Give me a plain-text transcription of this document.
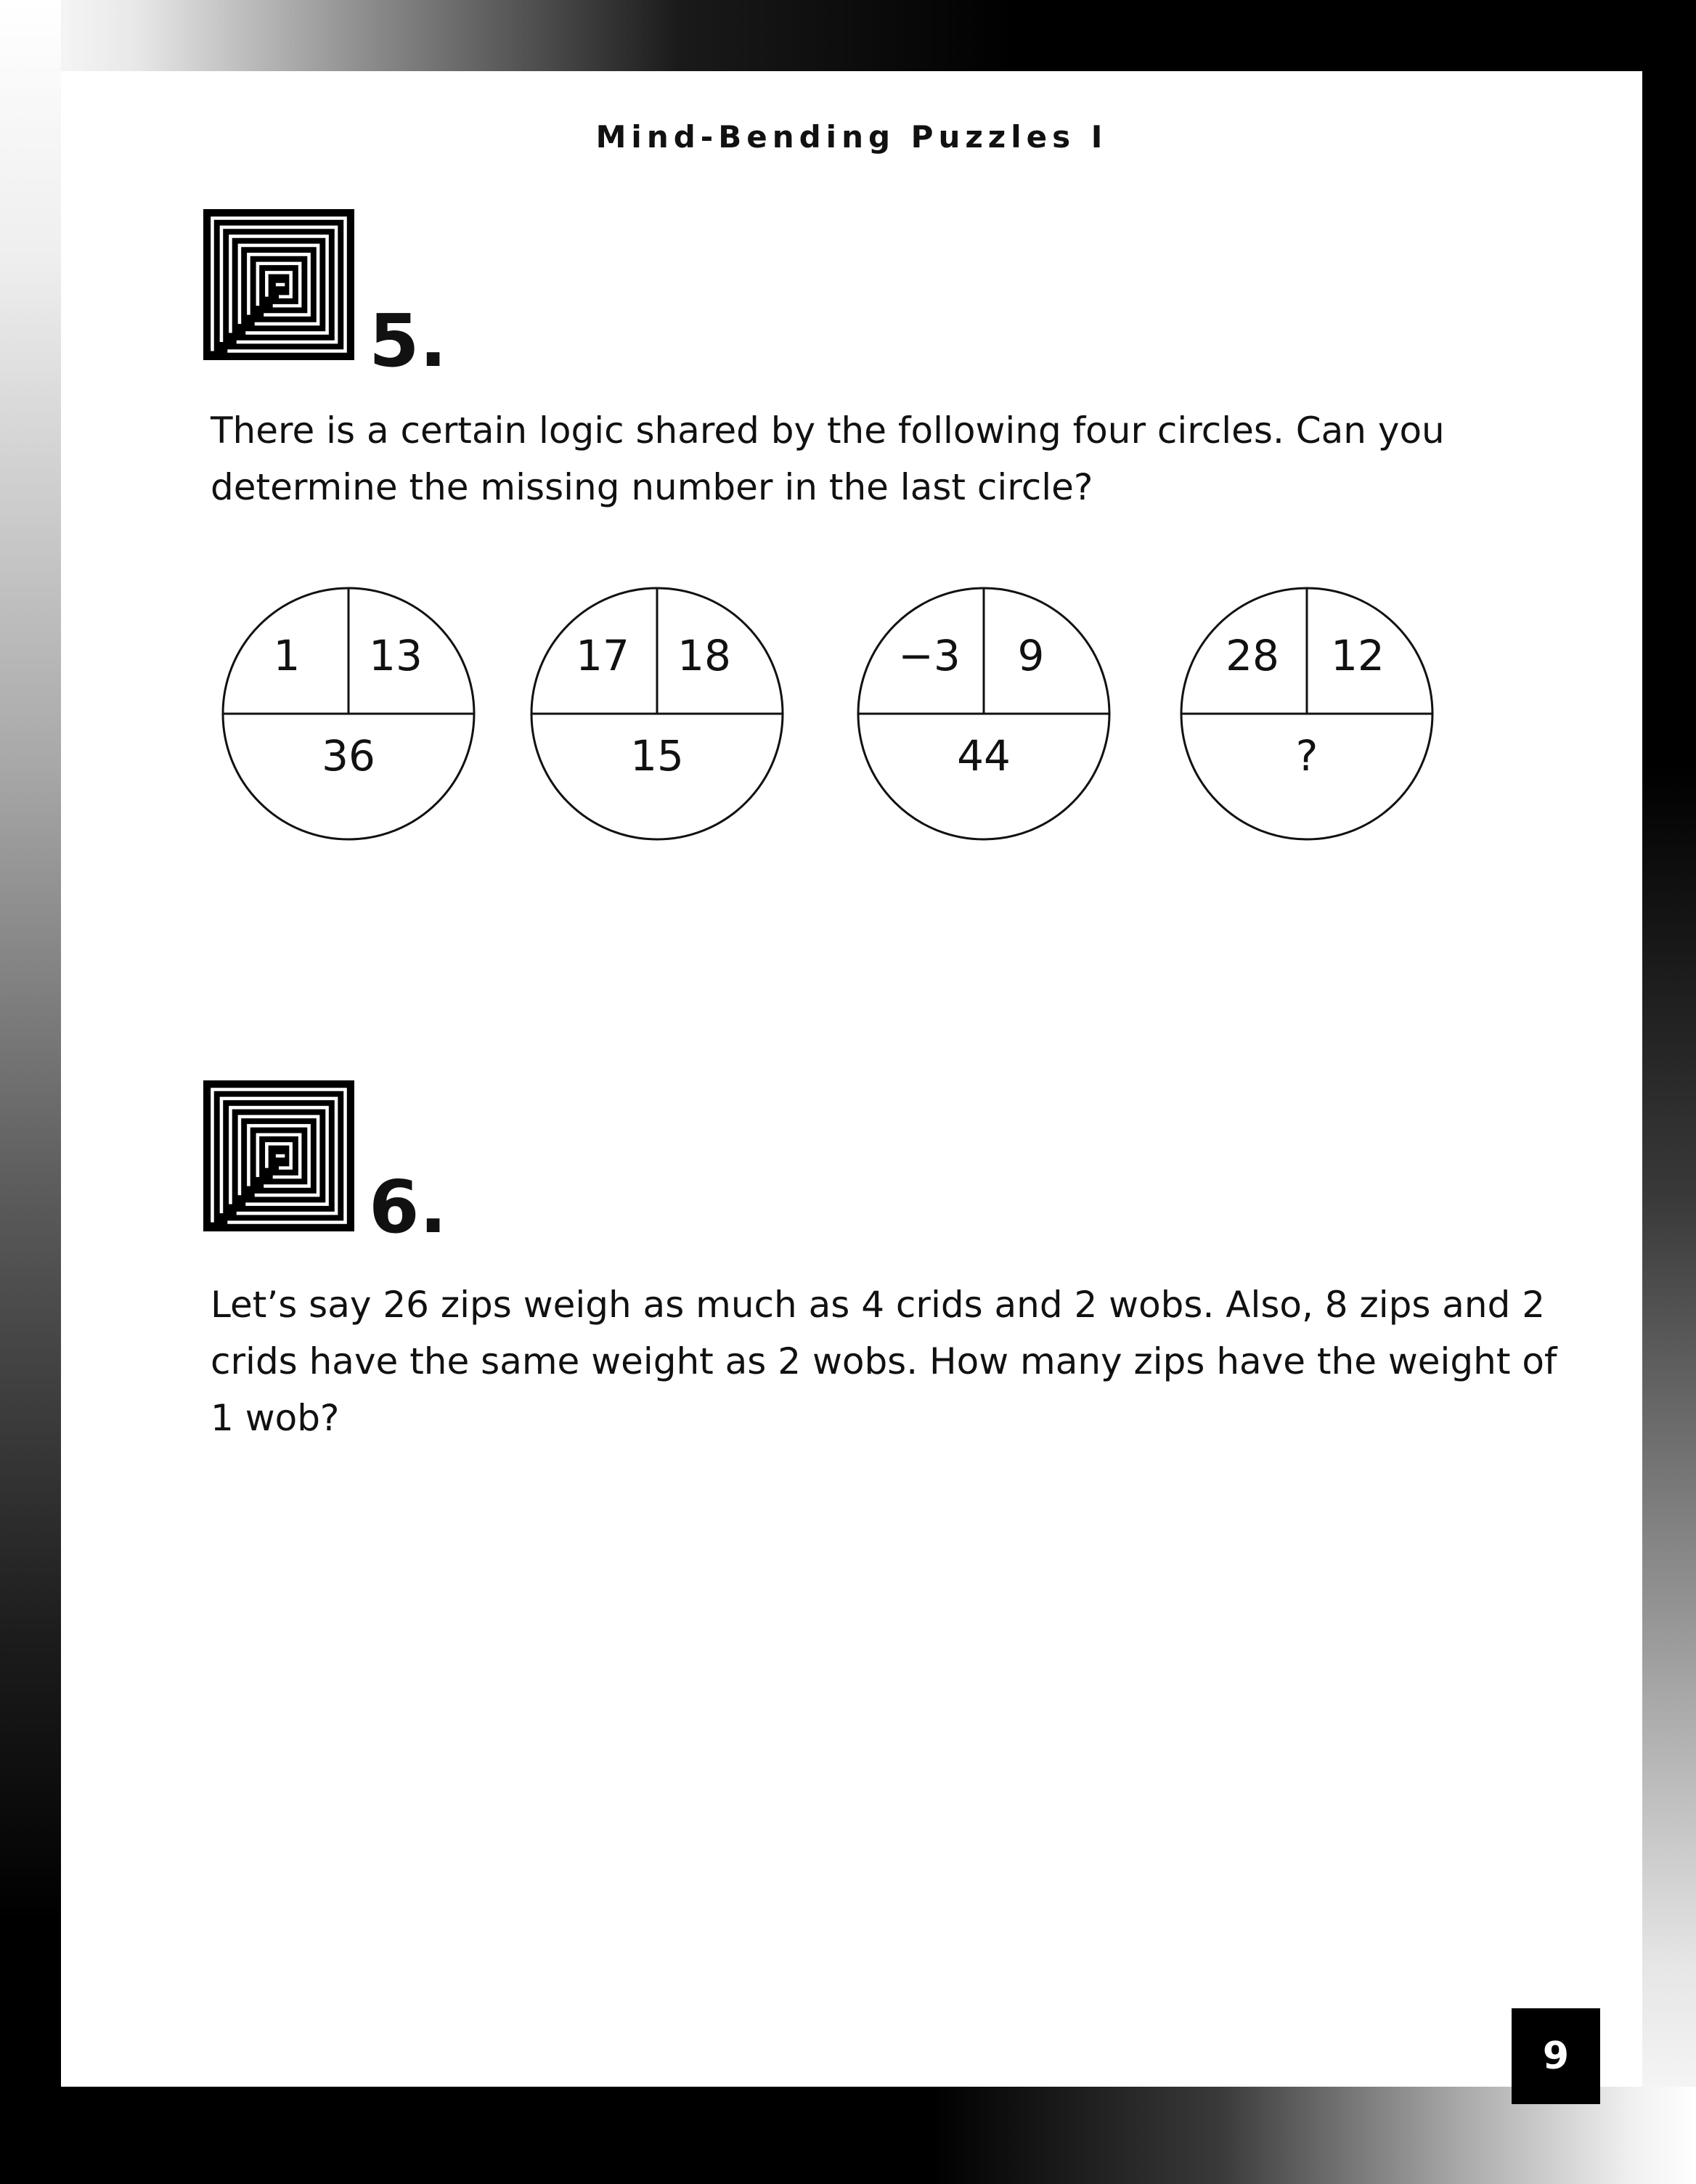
Mind-Bending Puzzles I
5.

There is a certain logic shared by the following four circles. Can you determine the missing number in the last circle?

1 13
36
17 18
15
−3 9
44
28 12
?
6.

Let’s say 26 zips weigh as much as 4 crids and 2 wobs. Also, 8 zips and 2 crids have the same weight as 2 wobs. How many zips have the weight of 1 wob?

9
